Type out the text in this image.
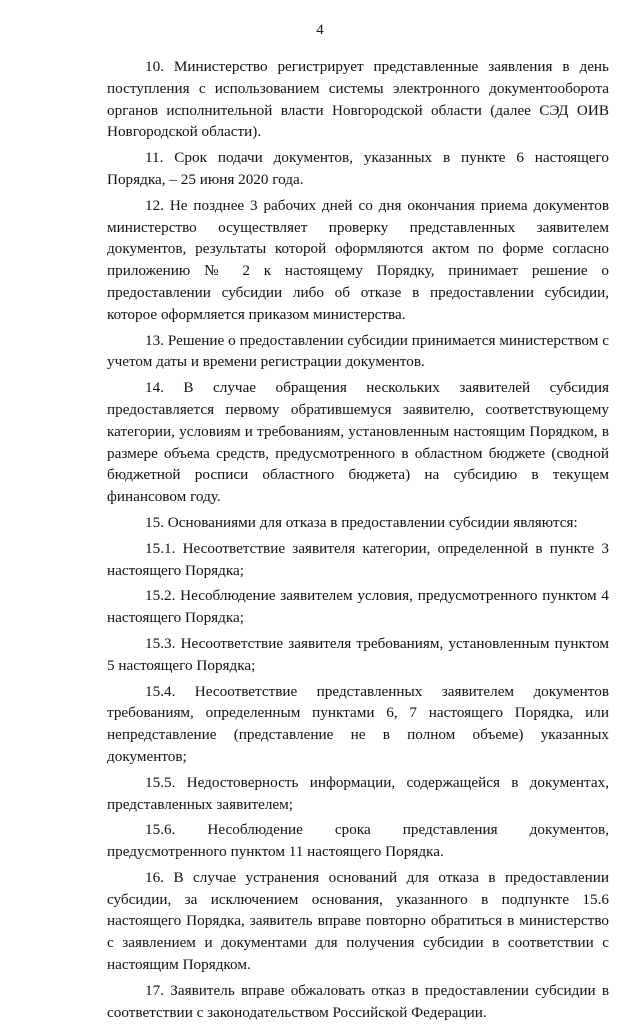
4

10. Министерство регистрирует представленные заявления в день поступления с использованием системы электронного документооборота органов исполнительной власти Новгородской области (далее СЭД ОИВ Новгородской области).

11. Срок подачи документов, указанных в пункте 6 настоящего Порядка, – 25 июня 2020 года.

12. Не позднее 3 рабочих дней со дня окончания приема документов министерство осуществляет проверку представленных заявителем документов, результаты которой оформляются актом по форме согласно приложению № 2 к настоящему Порядку, принимает решение о предоставлении субсидии либо об отказе в предоставлении субсидии, которое оформляется приказом министерства.

13. Решение о предоставлении субсидии принимается министерством с учетом даты и времени регистрации документов.

14. В случае обращения нескольких заявителей субсидия предоставляется первому обратившемуся заявителю, соответствующему категории, условиям и требованиям, установленным настоящим Порядком, в размере объема средств, предусмотренного в областном бюджете (сводной бюджетной росписи областного бюджета) на субсидию в текущем финансовом году.

15. Основаниями для отказа в предоставлении субсидии являются:

15.1. Несоответствие заявителя категории, определенной в пункте 3 настоящего Порядка;

15.2. Несоблюдение заявителем условия, предусмотренного пунктом 4 настоящего Порядка;

15.3. Несоответствие заявителя требованиям, установленным пунктом 5 настоящего Порядка;

15.4. Несоответствие представленных заявителем документов требованиям, определенным пунктами 6, 7 настоящего Порядка, или непредставление (представление не в полном объеме) указанных документов;

15.5. Недостоверность информации, содержащейся в документах, представленных заявителем;

15.6. Несоблюдение срока представления документов, предусмотренного пунктом 11 настоящего Порядка.

16. В случае устранения оснований для отказа в предоставлении субсидии, за исключением основания, указанного в подпункте 15.6 настоящего Порядка, заявитель вправе повторно обратиться в министерство с заявлением и документами для получения субсидии в соответствии с настоящим Порядком.

17. Заявитель вправе обжаловать отказ в предоставлении субсидии в соответствии с законодательством Российской Федерации.
